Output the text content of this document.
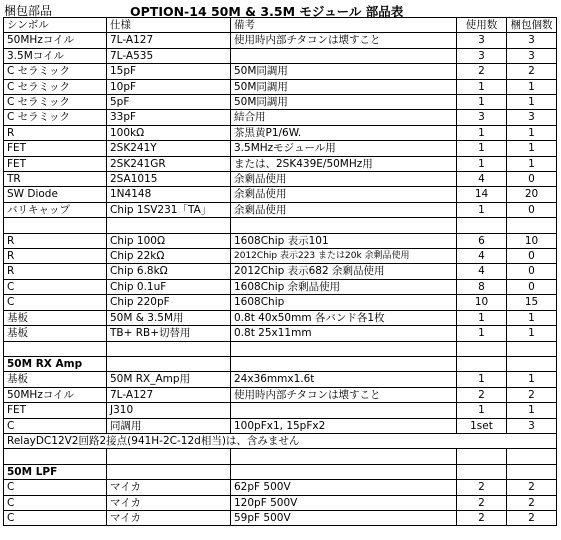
梱包部品	OPTION-14 50M & 3.5M モジュール 部品表
シンボル	仕様	備考	使用数	梱包個数
50MHzコイル	7L-A127	使用時内部チタコンは壊すこと	3	3
3.5Mコイル	7L-A535		3	3
C セラミック	15pF	50M同調用	2	2
C セラミック	10pF	50M同調用	1	1
C セラミック	5pF	50M同調用	1	1
C セラミック	33pF	結合用	3	3
R	100kΩ	茶黒黄P1/6W.	1	1
FET	2SK241Y	3.5MHzモジュール用	1	1
FET	2SK241GR	または、2SK439E/50MHz用	1	1
TR	2SA1015	余剰品使用	4	0
SW Diode	1N4148	余剰品使用	14	20
バリキャップ	Chip 1SV231「TA」	余剰品使用	1	0

R	Chip 100Ω	1608Chip 表示101	6	10
R	Chip 22kΩ	2012Chip 表示223 または20k 余剰品使用	4	0
R	Chip 6.8kΩ	2012Chip 表示682 余剰品使用	4	0
C	Chip 0.1uF	1608Chip 余剰品使用	8	0
C	Chip 220pF	1608Chip	10	15
基板	50M & 3.5M用	0.8t 40x50mm 各バンド各1枚	1	1
基板	TB+ RB+切替用	0.8t 25x11mm	1	1

50M RX Amp				
基板	50M RX_Amp用	24x36mmx1.6t	1	1
50MHzコイル	7L-A127	使用時内部チタコンは壊すこと	2	2
FET	J310		1	1
C	同調用	100pFx1, 15pFx2	1set	3
RelayDC12V2回路2接点(941H-2C-12d相当)は、含みません				

50M LPF				
C	マイカ	62pF 500V	2	2
C	マイカ	120pF 500V	2	2
C	マイカ	59pF 500V	2	2
